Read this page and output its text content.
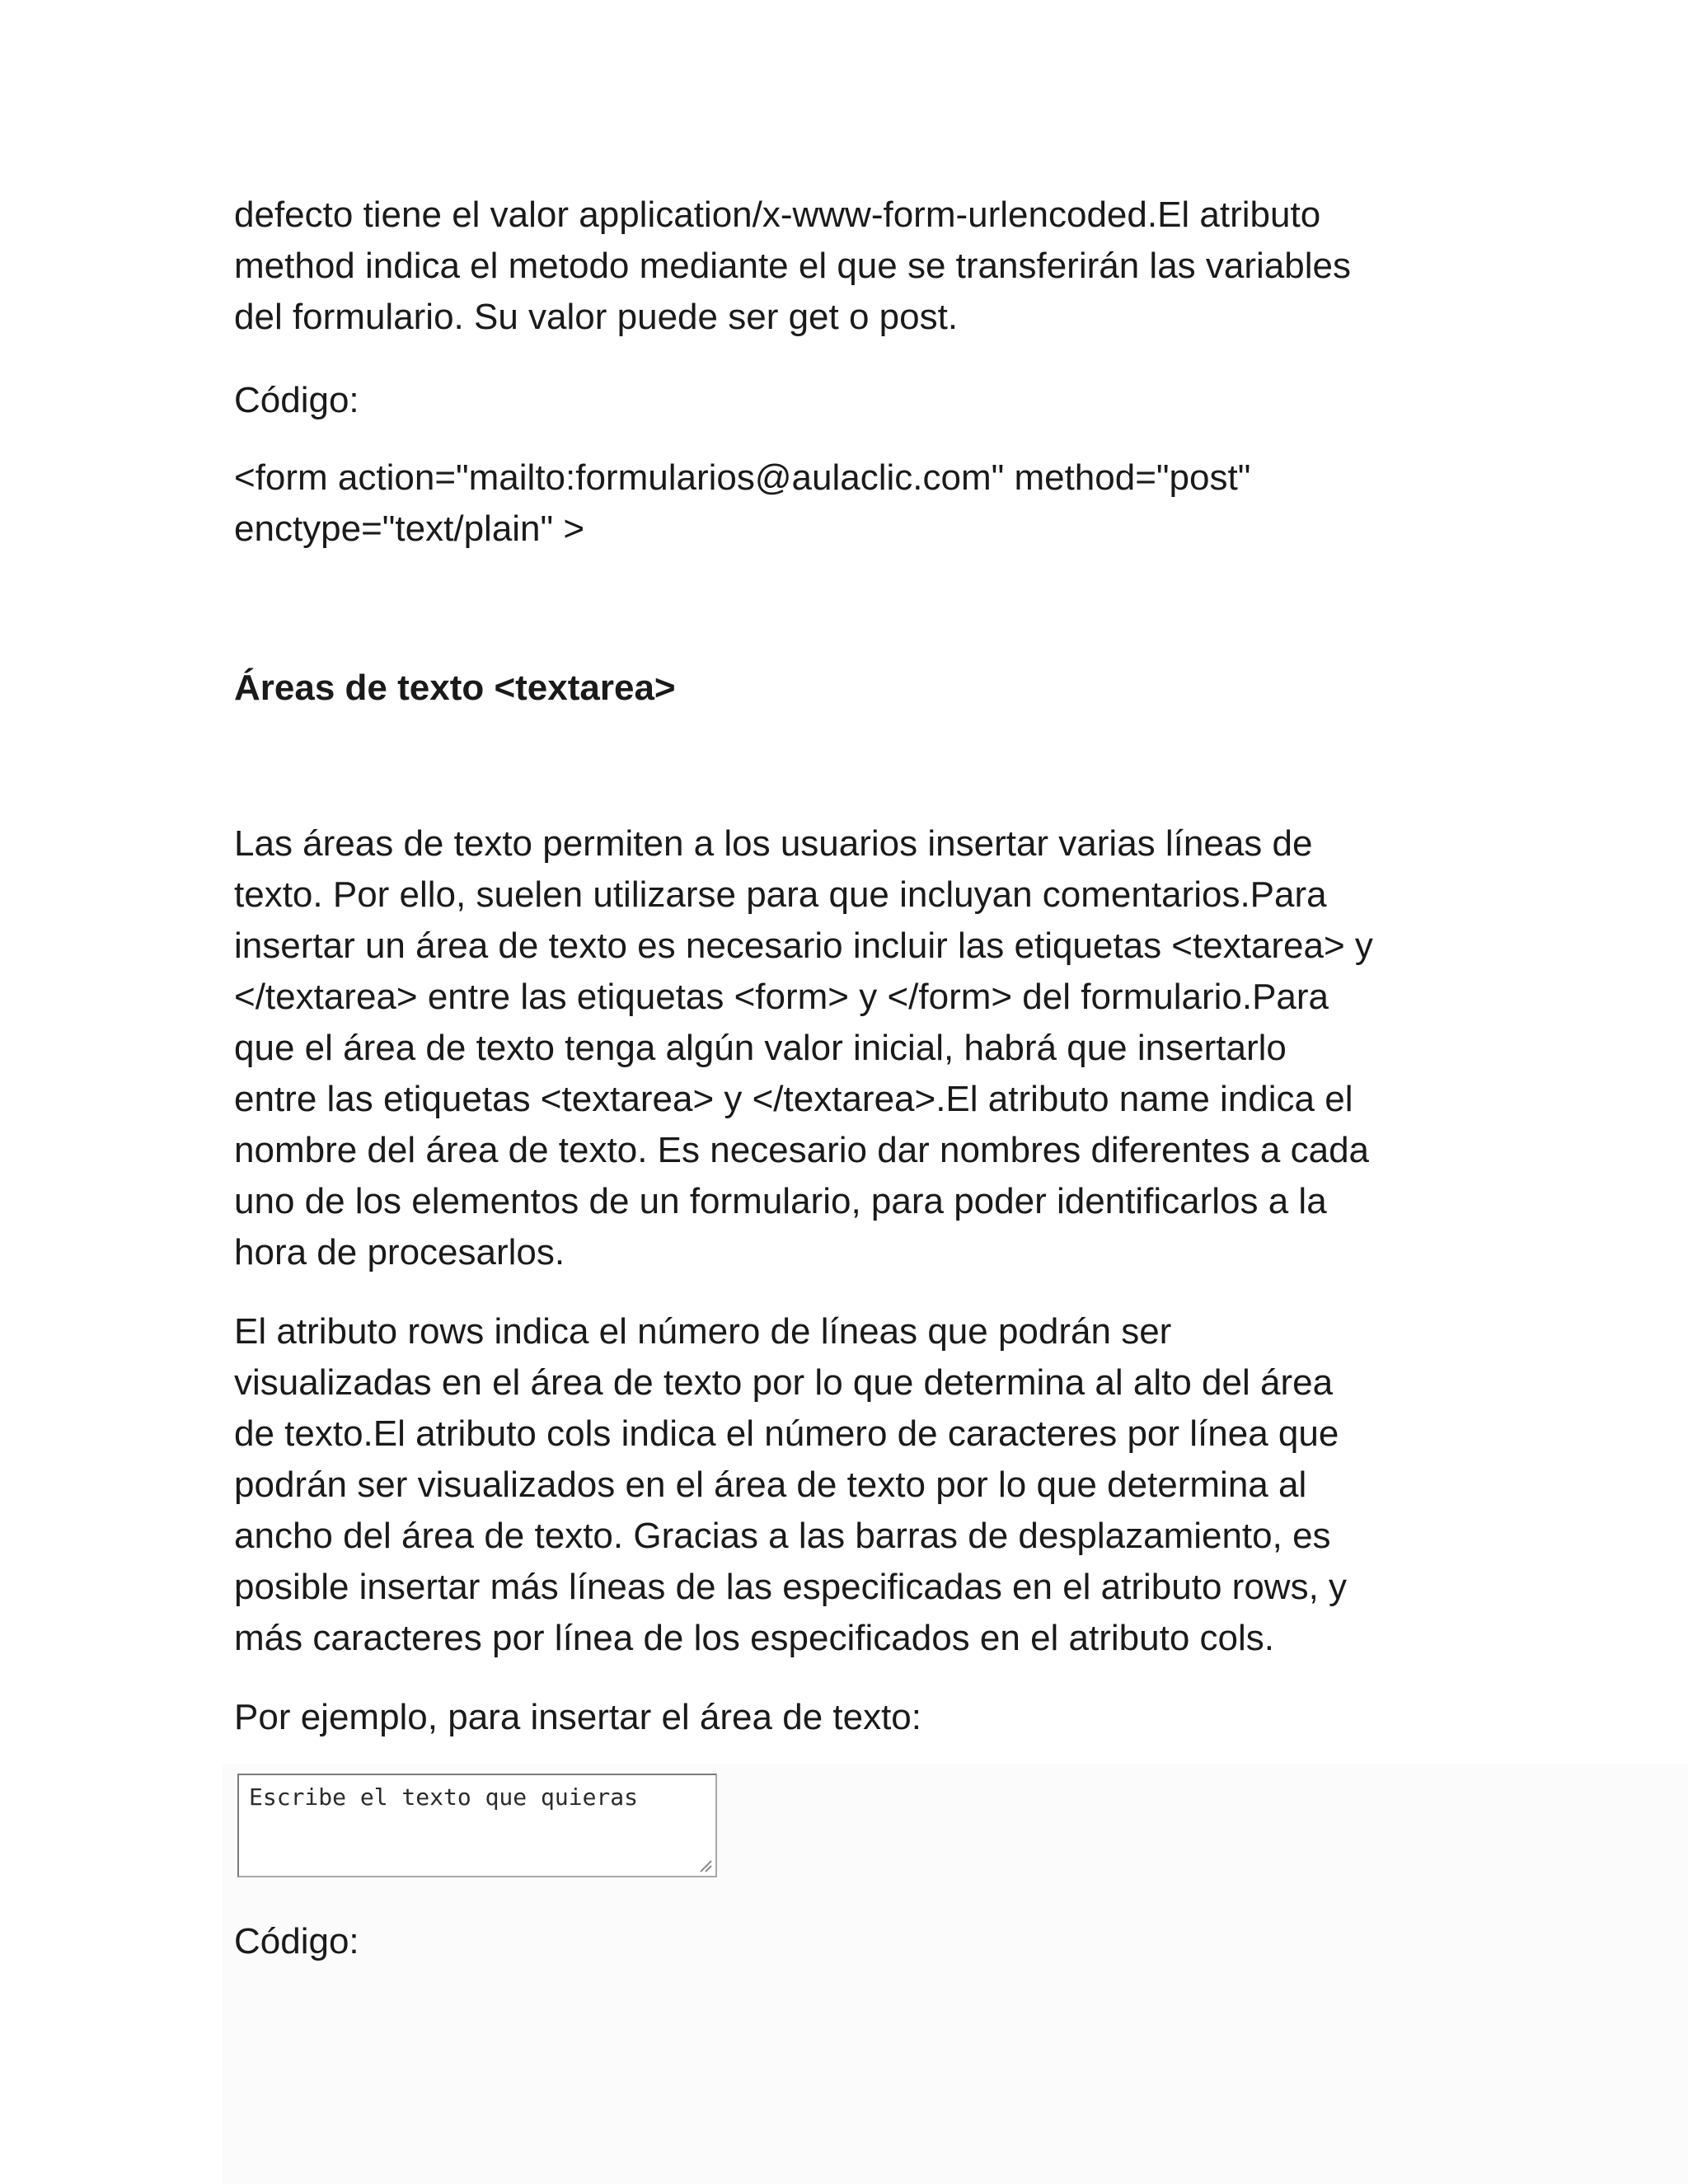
defecto tiene el valor application/x-www-form-urlencoded.El atributo
method indica el metodo mediante el que se transferirán las variables
del formulario. Su valor puede ser get o post.
Código:
<form action="mailto:formularios@aulaclic.com" method="post"
enctype="text/plain" >
Áreas de texto <textarea>
Las áreas de texto permiten a los usuarios insertar varias líneas de
texto. Por ello, suelen utilizarse para que incluyan comentarios.Para
insertar un área de texto es necesario incluir las etiquetas <textarea> y
</textarea> entre las etiquetas <form> y </form> del formulario.Para
que el área de texto tenga algún valor inicial, habrá que insertarlo
entre las etiquetas <textarea> y </textarea>.El atributo name indica el
nombre del área de texto. Es necesario dar nombres diferentes a cada
uno de los elementos de un formulario, para poder identificarlos a la
hora de procesarlos.
El atributo rows indica el número de líneas que podrán ser
visualizadas en el área de texto por lo que determina al alto del área
de texto.El atributo cols indica el número de caracteres por línea que
podrán ser visualizados en el área de texto por lo que determina al
ancho del área de texto. Gracias a las barras de desplazamiento, es
posible insertar más líneas de las especificadas en el atributo rows, y
más caracteres por línea de los especificados en el atributo cols.
Por ejemplo, para insertar el área de texto:
Escribe el texto que quieras
Código:
